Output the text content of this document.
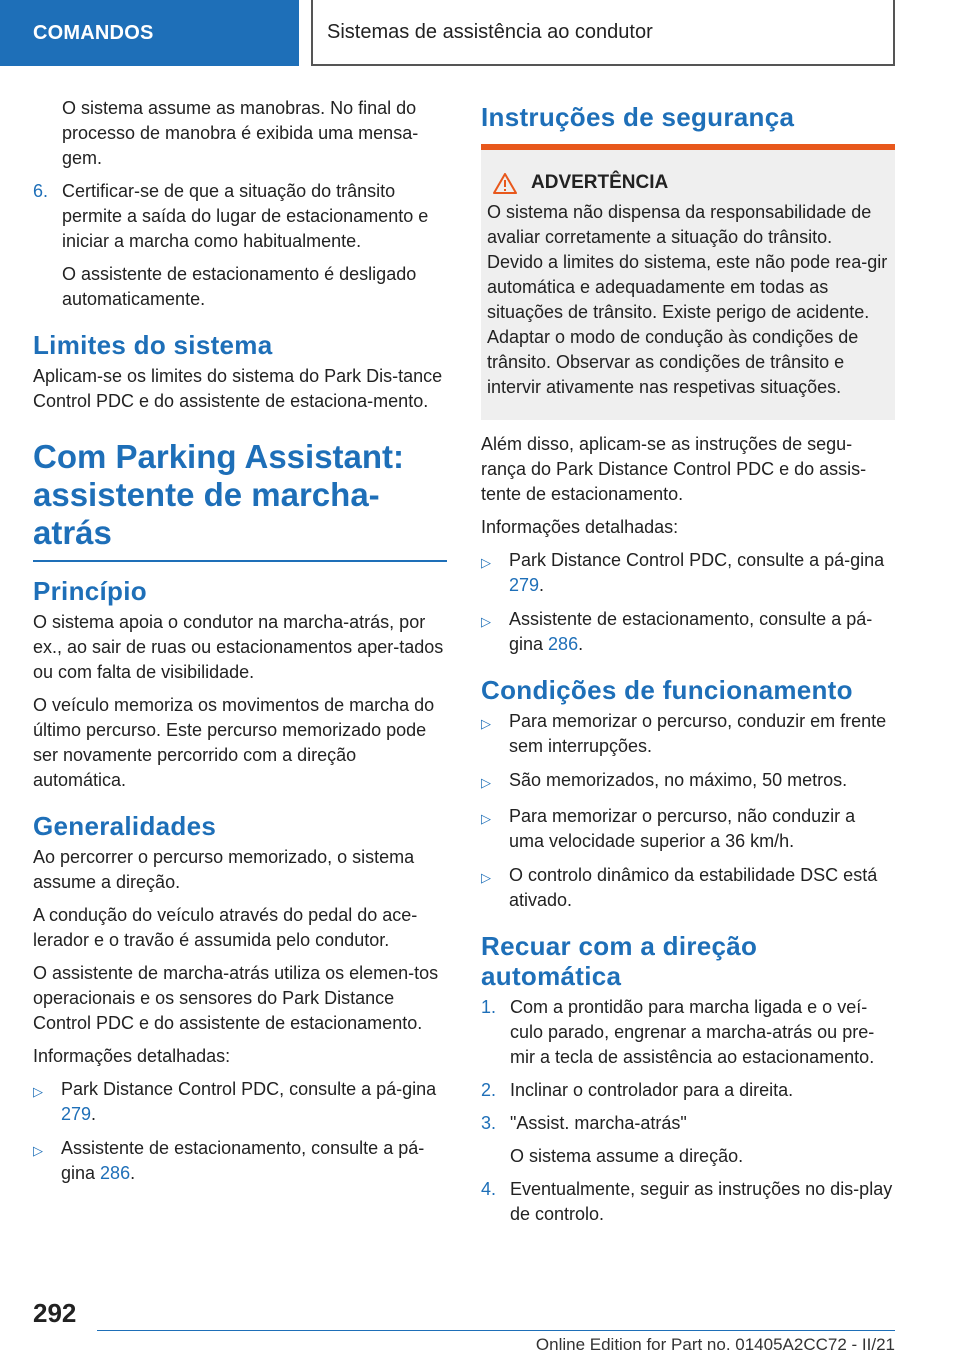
COMANDOS	Sistemas de assistência ao condutor

O sistema assume as manobras. No final do processo de manobra é exibida uma mensa-gem.

6. Certificar-se de que a situação do trânsito permite a saída do lugar de estacionamento e iniciar a marcha como habitualmente.

O assistente de estacionamento é desligado automaticamente.

Limites do sistema

Aplicam-se os limites do sistema do Park Dis-tance Control PDC e do assistente de estaciona-mento.

Com Parking Assistant: assistente de marcha-atrás
Princípio

O sistema apoia o condutor na marcha-atrás, por ex., ao sair de ruas ou estacionamentos aper-tados ou com falta de visibilidade.

O veículo memoriza os movimentos de marcha do último percurso. Este percurso memorizado pode ser novamente percorrido com a direção automática.

Generalidades

Ao percorrer o percurso memorizado, o sistema assume a direção.

A condução do veículo através do pedal do ace-lerador e o travão é assumida pelo condutor.

O assistente de marcha-atrás utiliza os elemen-tos operacionais e os sensores do Park Distance Control PDC e do assistente de estacionamento.

Informações detalhadas:

▷	Park Distance Control PDC, consulte a pá-gina 279.
▷	Assistente de estacionamento, consulte a pá-gina 286.
Instruções de segurança
ADVERTÊNCIA

O sistema não dispensa da responsabilidade de avaliar corretamente a situação do trânsito. Devido a limites do sistema, este não pode rea-gir automática e adequadamente em todas as situações de trânsito. Existe perigo de acidente. Adaptar o modo de condução às condições de trânsito. Observar as condições de trânsito e intervir ativamente nas respetivas situações.

Além disso, aplicam-se as instruções de segu-rança do Park Distance Control PDC e do assis-tente de estacionamento.

Informações detalhadas:

▷	Park Distance Control PDC, consulte a pá-gina 279.
▷	Assistente de estacionamento, consulte a pá-gina 286.
Condições de funcionamento
▷	Para memorizar o percurso, conduzir em frente sem interrupções.
▷	São memorizados, no máximo, 50 metros.
▷	Para memorizar o percurso, não conduzir a uma velocidade superior a 36 km/h.
▷	O controlo dinâmico da estabilidade DSC está ativado.
Recuar com a direção automática
1. Com a prontidão para marcha ligada e o veí-culo parado, engrenar a marcha-atrás ou pre-mir a tecla de assistência ao estacionamento.
2. Inclinar o controlador para a direita.
3. "Assist. marcha-atrás"

O sistema assume a direção.

4. Eventualmente, seguir as instruções no dis-play de controlo.
292
Online Edition for Part no. 01405A2CC72 - II/21
